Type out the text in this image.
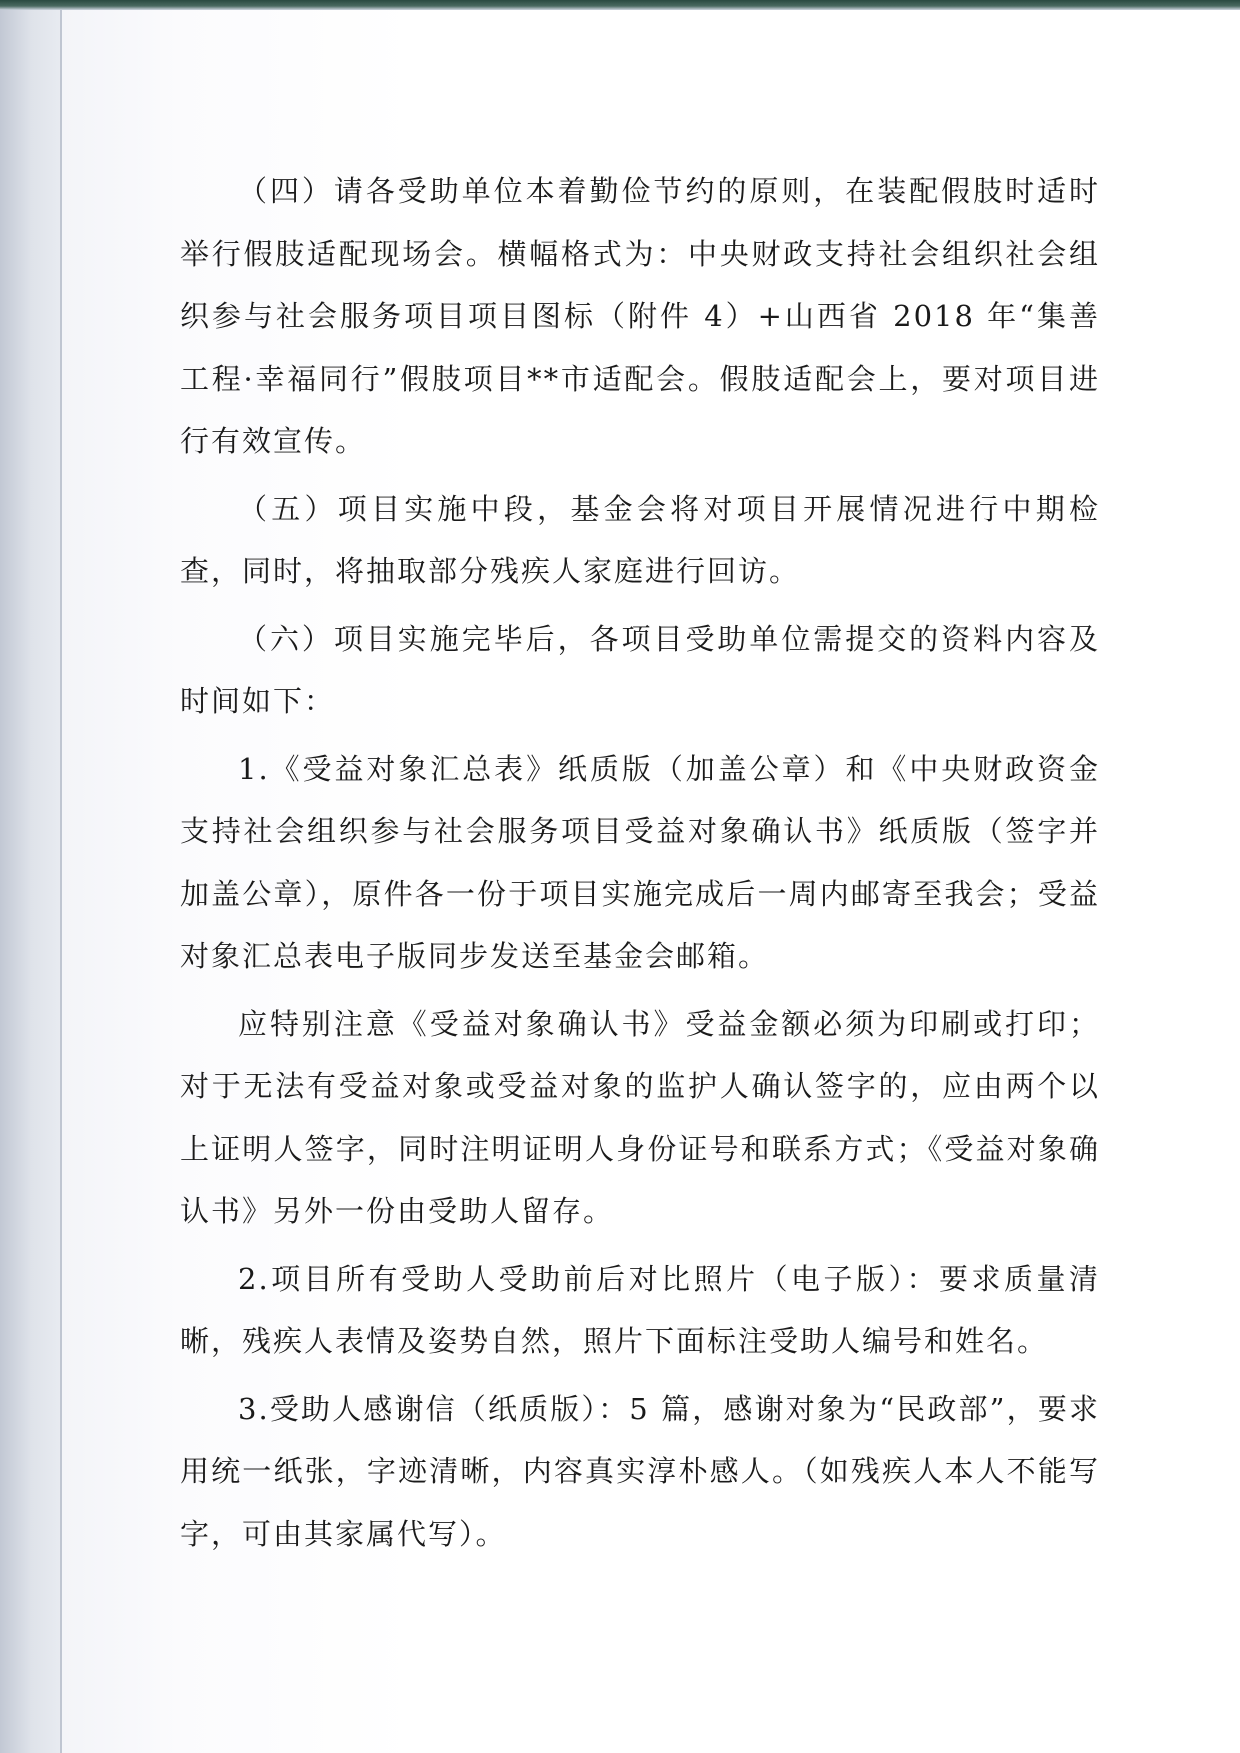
（四）请各受助单位本着勤俭节约的原则，在装配假肢时适时举行假肢适配现场会。横幅格式为：中央财政支持社会组织社会组织参与社会服务项目项目图标（附件 4）+山西省 2018 年“集善工程·幸福同行”假肢项目**市适配会。假肢适配会上，要对项目进行有效宣传。

（五）项目实施中段，基金会将对项目开展情况进行中期检查，同时，将抽取部分残疾人家庭进行回访。

（六）项目实施完毕后，各项目受助单位需提交的资料内容及时间如下：

1.《受益对象汇总表》纸质版（加盖公章）和《中央财政资金支持社会组织参与社会服务项目受益对象确认书》纸质版（签字并加盖公章），原件各一份于项目实施完成后一周内邮寄至我会；受益对象汇总表电子版同步发送至基金会邮箱。

应特别注意《受益对象确认书》受益金额必须为印刷或打印；对于无法有受益对象或受益对象的监护人确认签字的，应由两个以上证明人签字，同时注明证明人身份证号和联系方式；《受益对象确认书》另外一份由受助人留存。

2.项目所有受助人受助前后对比照片（电子版）：要求质量清晰，残疾人表情及姿势自然，照片下面标注受助人编号和姓名。

3.受助人感谢信（纸质版）：5 篇，感谢对象为“民政部”，要求用统一纸张，字迹清晰，内容真实淳朴感人。（如残疾人本人不能写字，可由其家属代写）。
